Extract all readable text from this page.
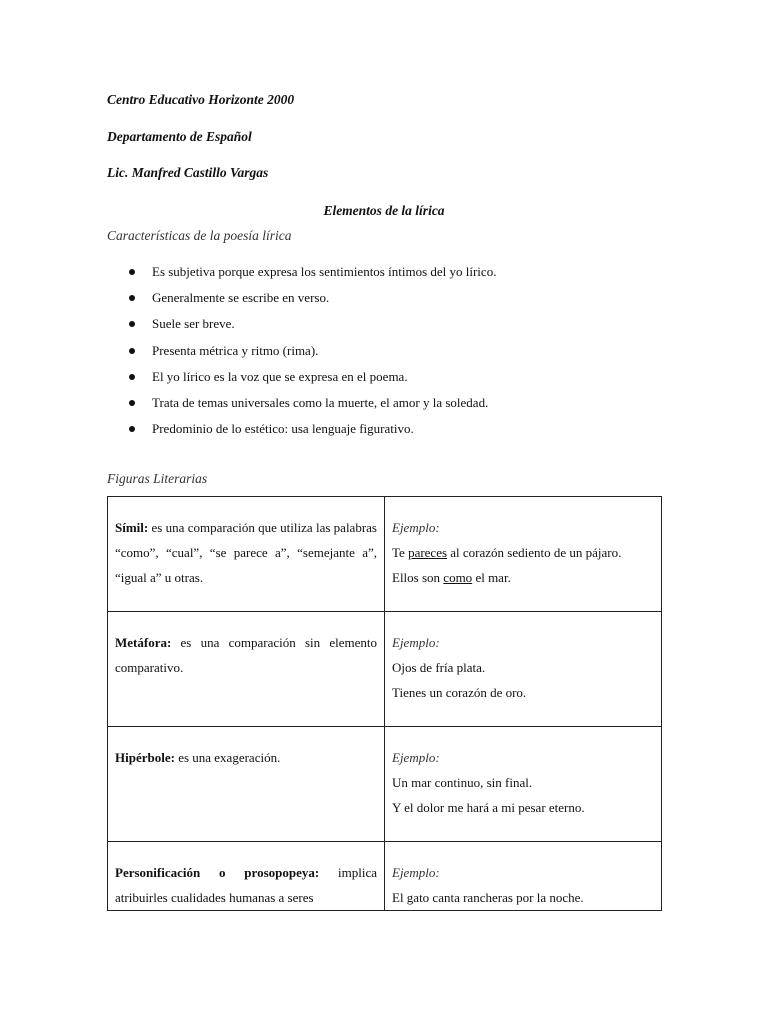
Centro Educativo Horizonte 2000
Departamento de Español
Lic. Manfred Castillo Vargas
Elementos de la lírica
Características de la poesía lírica
Es subjetiva porque expresa los sentimientos íntimos del yo lírico.
Generalmente se escribe en verso.
Suele ser breve.
Presenta métrica y ritmo (rima).
El yo lírico es la voz que se expresa en el poema.
Trata de temas universales como la muerte, el amor y la soledad.
Predominio de lo estético: usa lenguaje figurativo.
Figuras Literarias
Símil: es una comparación que utiliza las palabras “como”, “cual”, “se parece a”, “semejante a”, “igual a” u otras.	Ejemplo:
Te pareces al corazón sediento de un pájaro.
Ellos son como el mar.

Metáfora: es una comparación sin elemento comparativo.	Ejemplo:
Ojos de fría plata.
Tienes un corazón de oro.

Hipérbole: es una exageración.	Ejemplo:
Un mar continuo, sin final.
Y el dolor me hará a mi pesar eterno.

Personificación o prosopopeya: implica atribuirles cualidades humanas a seres	Ejemplo:
El gato canta rancheras por la noche.
